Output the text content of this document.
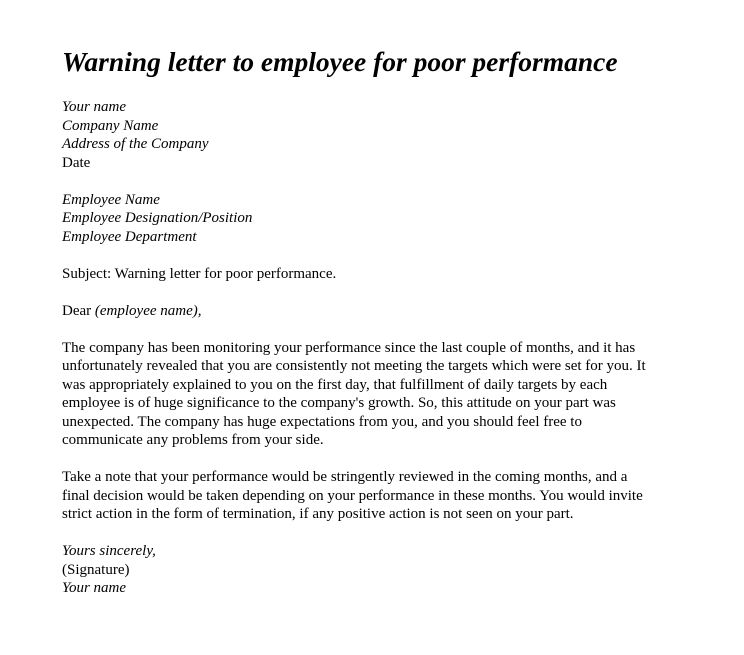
Warning letter to employee for poor performance
Your name
Company Name
Address of the Company
Date
Employee Name
Employee Designation/Position
Employee Department
Subject: Warning letter for poor performance.
Dear (employee name),
The company has been monitoring your performance since the last couple of months, and it has
unfortunately revealed that you are consistently not meeting the targets which were set for you. It
was appropriately explained to you on the first day, that fulfillment of daily targets by each
employee is of huge significance to the company's growth. So, this attitude on your part was
unexpected. The company has huge expectations from you, and you should feel free to
communicate any problems from your side.
Take a note that your performance would be stringently reviewed in the coming months, and a
final decision would be taken depending on your performance in these months. You would invite
strict action in the form of termination, if any positive action is not seen on your part.
Yours sincerely,
(Signature)
Your name
